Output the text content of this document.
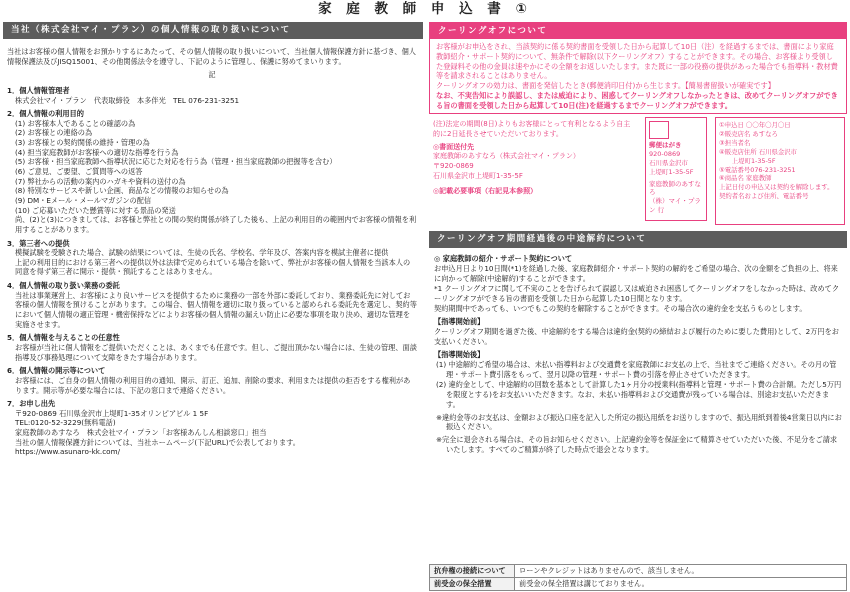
家 庭 教 師 申 込 書 ①
当社（株式会社マイ・プラン）の個人情報の取り扱いについて
当社はお客様の個人情報をお預かりするにあたって、その個人情報の取り扱いについて、当社個人情報保護方針に基づき、個人情報保護法及びJISQ15001、その他関係法令を遵守し、下記のように管理し、保護に努めてまいります。
記
1．個人情報管理者
株式会社マイ・プラン　代表取締役　本多伴光　TEL 076-231-3251
2．個人情報の利用目的
(1) お客様本人であることの確認の為
(2) お客様との連絡の為
(3) お客様との契約関係の維持・管理の為
(4) 担当家庭教師がお客様への適切な指導を行う為
(5) お客様・担当家庭教師へ指導状況に応じた対応を行う為（管理・担当家庭教師の把握等を含む）
(6) ご意見、ご要望、ご質問等への返答
(7) 弊社からの活動の案内のハガキや資料の送付の為
(8) 特別なサービスや新しい企画、商品などの情報のお知らせの為
(9) DM・Eメール・メールマガジンの配信
(10) ご応募いただいた懸賞等に対する景品の発送
尚、(2)と(3)につきましては、お客様と弊社との間の契約関係が終了した後も、上記の利用目的の範囲内でお客様の情報を利用することがあります。
3．第三者への提供
模擬試験を受験された場合、試験の結果については、生徒の氏名、学校名、学年及び、答案内容を模試主催者に提供
上記の利用目的における第三者への提供以外は法律で定められている場合を除いて、弊社がお客様の個人情報を当該本人の同意を得ず第三者に開示・提供・預託することはありません。
4．個人情報の取り扱い業務の委託
当社は事業運営上、お客様により良いサービスを提供するために業務の一部を外部に委託しており、業務委託先に対してお客様の個人情報を預けることがあります。この場合、個人情報を適切に取り扱っていると認められる委託先を選定し、契約等において個人情報の適正管理・機密保持などによりお客様の個人情報の漏えい防止に必要な事項を取り決め、適切な管理を実施させます。
5．個人情報を与えることの任意性
お客様が当社に個人情報をご提供いただくことは、あくまでも任意です。但し、ご提出頂かない場合には、生徒の管理、面談指導及び事務処理について支障をきたす場合があります。
6．個人情報の開示等について
お客様には、ご自身の個人情報の利用目的の通知、開示、訂正、追加、削除の要求、利用または提供の拒否をする権利があります。開示等が必要な場合には、下記の窓口まで連絡ください。
7．お申し出先
〒920-0869 石川県金沢市上堤町1-35オリンピアビル 1 5F
TEL:0120-52-3229(無料電話)
家庭教師のあすなろ　株式会社マイ・プラン「お客様あんしん相談窓口」担当
当社の個人情報保護方針については、当社ホームページ(下記URL)で公表しております。
https://www.asunaro-kk.com/
クーリングオフについて
お客様がお申込をされ、当該契約に係る契約書面を受領した日から起算して10日（注）を経過するまでは、書面により家庭教師紹介・サポート契約について、無条件で解除(以下クーリングオフ）することができます。その場合、お客様より受領した登録料その他の金員は速やかにその全額をお返しいたします。また既に一部の役務の提供があった場合でも指導料・教材費等を請求されることはありません。
クーリングオフの効力は、書面を発信したとき(郵便消印日付)から生じます。【簡易書留扱いが確実です】
なお、不実告知により誤認し、または威迫により、困惑してクーリングオフしなかったときは、改めてクーリングオフができる旨の書面を受領した日から起算して10日(注)を経過するまでクーリングオフができます。
(注)法定の期間(8日)よりもお客様にとって有利となるよう自主的に2日延長させていただいております。
◎書面送付先
家庭教師のあすなろ（株式会社マイ・プラン）
〒920-0869
石川県金沢市上堤町1-35-5F
◎記載必要事項（右記見本参照）
郵便はがき
920-0869
石川県金沢市
上堤町1-35-5F
家庭教師のあすなろ
（株）マイ・プラン 行
①申込日 〇〇年〇月〇日
②販売店名 あすなろ
③担当者名
④販売店住所 石川県金沢市
　　上堤町1-35-5F
⑤電話番号076-231-3251
⑥商品名 家庭教師
上記日付の申込又は契約を解除します。
契約者名および住所、電話番号
クーリングオフ期間経過後の中途解約について
◎ 家庭教師の紹介・サポート契約について
お申込月日より10日間(*1)を経過した後、家庭教師紹介・サポート契約の解約をご希望の場合、次の金額をご負担の上、将来に向かって解除(中途解約)することができます。
*1 クーリングオフに関して不実のことを告げられて誤認し又は威迫され困惑してクーリングオフをしなかった時は、改めてクーリングオフができる旨の書面を受領した日から起算した10日間となります。
契約期間中であっても、いつでもこの契約を解除することができます。その場合次の違約金を支払うものとします。
【指導開始前】
クーリングオフ期間を過ぎた後、中途解約をする場合は違約金(契約の締結および履行のために要した費用)として、2万円をお支払いください。
【指導開始後】
(1) 中途解約ご希望の場合は、未払い指導料および交通費を家庭教師にお支払の上で、当社までご連絡ください。その月の管理・サポート費引落をもって、翌月以降の管理・サポート費の引落を停止させていただきます。
(2) 違約金として、中途解約の回数を基本として計算した1ヶ月分の授業料(指導料と管理・サポート費の合計額。ただし5万円を限度とする)をお支払いいただきます。なお、未払い指導料および交通費が残っている場合は、別途お支払いただきます。
※違約金等のお支払は、金額および振込口座を記入した所定の振込用紙をお送りしますので、振込用紙到着後4営業日以内にお振込ください。
※完全に退会される場合は、その旨お知らせください。上記違約金等を保証金にて精算させていただいた後、不足分をご請求いたします。すべてのご精算が終了した時点で退会となります。
抗弁権の接続について	ローンやクレジットはありませんので、該当しません。
前受金の保全措置	前受金の保全措置は講じておりません。
